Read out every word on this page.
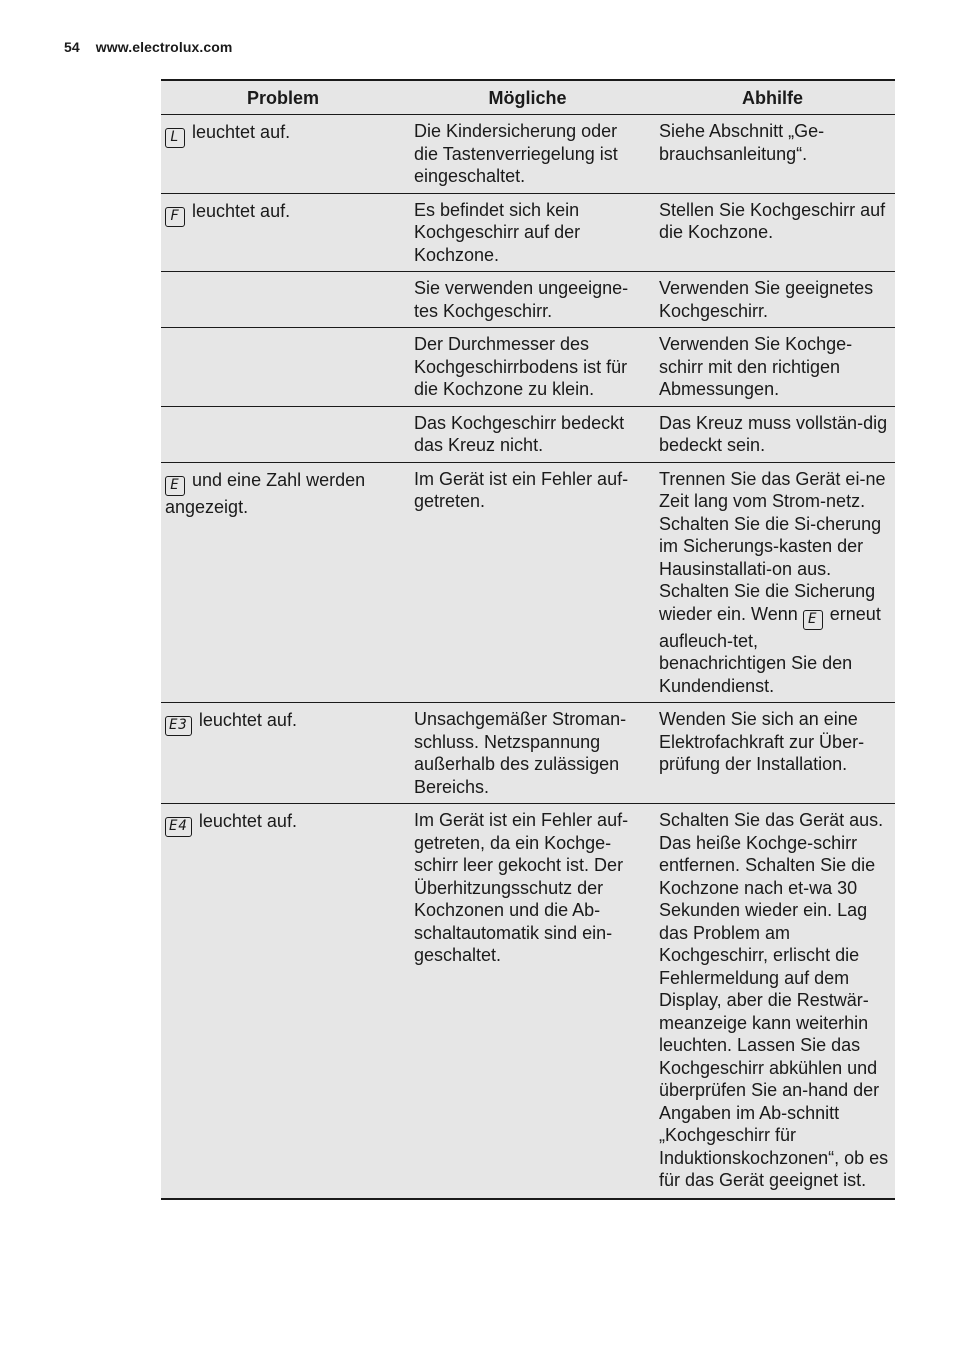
54 www.electrolux.com
Problem	Mögliche	Abhilfe
L leuchtet auf.	Die Kindersicherung oder die Tastenverriegelung ist eingeschaltet.	Siehe Abschnitt „Ge-brauchsanleitung“.
F leuchtet auf.	Es befindet sich kein Kochgeschirr auf der Kochzone.	Stellen Sie Kochgeschirr auf die Kochzone.
	Sie verwenden ungeeigne-tes Kochgeschirr.	Verwenden Sie geeignetes Kochgeschirr.
	Der Durchmesser des Kochgeschirrbodens ist für die Kochzone zu klein.	Verwenden Sie Kochge-schirr mit den richtigen Abmessungen.
	Das Kochgeschirr bedeckt das Kreuz nicht.	Das Kreuz muss vollstän-dig bedeckt sein.
E und eine Zahl werden angezeigt.	Im Gerät ist ein Fehler auf-getreten.	Trennen Sie das Gerät ei-ne Zeit lang vom Strom-netz. Schalten Sie die Si-cherung im Sicherungs-kasten der Hausinstallati-on aus. Schalten Sie die Sicherung wieder ein. Wenn E erneut aufleuch-tet, benachrichtigen Sie den Kundendienst.
E3 leuchtet auf.	Unsachgemäßer Stroman-schluss. Netzspannung außerhalb des zulässigen Bereichs.	Wenden Sie sich an eine Elektrofachkraft zur Über-prüfung der Installation.
E4 leuchtet auf.	Im Gerät ist ein Fehler auf-getreten, da ein Kochge-schirr leer gekocht ist. Der Überhitzungsschutz der Kochzonen und die Ab-schaltautomatik sind ein-geschaltet.	Schalten Sie das Gerät aus. Das heiße Kochge-schirr entfernen. Schalten Sie die Kochzone nach et-wa 30 Sekunden wieder ein. Lag das Problem am Kochgeschirr, erlischt die Fehlermeldung auf dem Display, aber die Restwär-meanzeige kann weiterhin leuchten. Lassen Sie das Kochgeschirr abkühlen und überprüfen Sie an-hand der Angaben im Ab-schnitt „Kochgeschirr für Induktionskochzonen“, ob es für das Gerät geeignet ist.
